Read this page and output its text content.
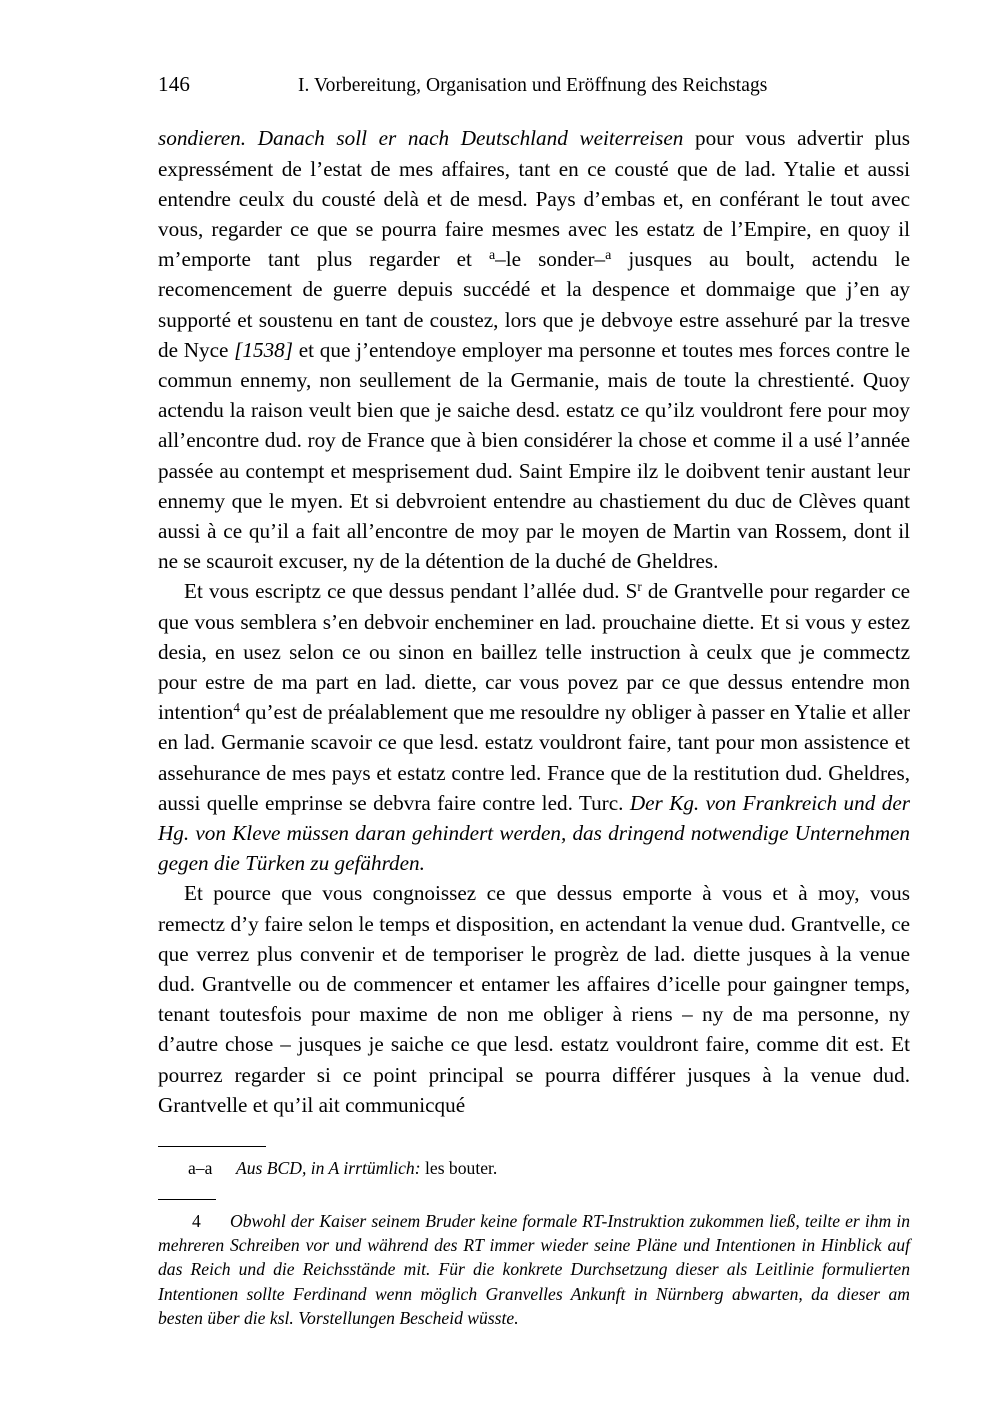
146	I. Vorbereitung, Organisation und Eröffnung des Reichstags

sondieren. Danach soll er nach Deutschland weiterreisen pour vous advertir plus expressément de l’estat de mes affaires, tant en ce cousté que de lad. Ytalie et aussi entendre ceulx du cousté delà et de mesd. Pays d’embas et, en conférant le tout avec vous, regarder ce que se pourra faire mesmes avec les estatz de l’Empire, en quoy il m’emporte tant plus regarder et $^a$–le sonder–$^a$ jusques au boult, actendu le recomencement de guerre depuis succédé et la despence et dommaige que j’en ay supporté et soustenu en tant de coustez, lors que je debvoye estre assehuré par la tresve de Nyce [1538] et que j’entendoye employer ma personne et toutes mes forces contre le commun ennemy, non seullement de la Germanie, mais de toute la chrestienté. Quoy actendu la raison veult bien que je saiche desd. estatz ce qu’ilz vouldront fere pour moy all’encontre dud. roy de France que à bien considérer la chose et comme il a usé l’année passée au contempt et mesprisement dud. Saint Empire ilz le doibvent tenir austant leur ennemy que le myen. Et si debvroient entendre au chastiement du duc de Clèves quant aussi à ce qu’il a fait all’encontre de moy par le moyen de Martin van Rossem, dont il ne se scauroit excuser, ny de la détention de la duché de Gheldres.

Et vous escriptz ce que dessus pendant l’allée dud. $S^r$ de Grantvelle pour regarder ce que vous semblera s’en debvoir encheminer en lad. prouchaine diette. Et si vous y estez desia, en usez selon ce ou sinon en baillez telle instruction à ceulx que je commectz pour estre de ma part en lad. diette, car vous povez par ce que dessus entendre mon intention$^4$ qu’est de préalablement que me resouldre ny obliger à passer en Ytalie et aller en lad. Germanie scavoir ce que lesd. estatz vouldront faire, tant pour mon assistence et assehurance de mes pays et estatz contre led. France que de la restitution dud. Gheldres, aussi quelle emprinse se debvra faire contre led. Turc. Der Kg. von Frankreich und der Hg. von Kleve müssen daran gehindert werden, das dringend notwendige Unternehmen gegen die Türken zu gefährden.

Et pource que vous congnoissez ce que dessus emporte à vous et à moy, vous remectz d’y faire selon le temps et disposition, en actendant la venue dud. Grantvelle, ce que verrez plus convenir et de temporiser le progrèz de lad. diette jusques à la venue dud. Grantvelle ou de commencer et entamer les affaires d’icelle pour gaingner temps, tenant toutesfois pour maxime de non me obliger à riens – ny de ma personne, ny d’autre chose – jusques je saiche ce que lesd. estatz vouldront faire, comme dit est. Et pourrez regarder si ce point principal se pourra différer jusques à la venue dud. Grantvelle et qu’il ait communicqué

a–a Aus BCD, in A irrtümlich: les bouter.
4 Obwohl der Kaiser seinem Bruder keine formale RT-Instruktion zukommen ließ, teilte er ihm in mehreren Schreiben vor und während des RT immer wieder seine Pläne und Intentionen in Hinblick auf das Reich und die Reichsstände mit. Für die konkrete Durchsetzung dieser als Leitlinie formulierten Intentionen sollte Ferdinand wenn möglich Granvelles Ankunft in Nürnberg abwarten, da dieser am besten über die ksl. Vorstellungen Bescheid wüsste.
